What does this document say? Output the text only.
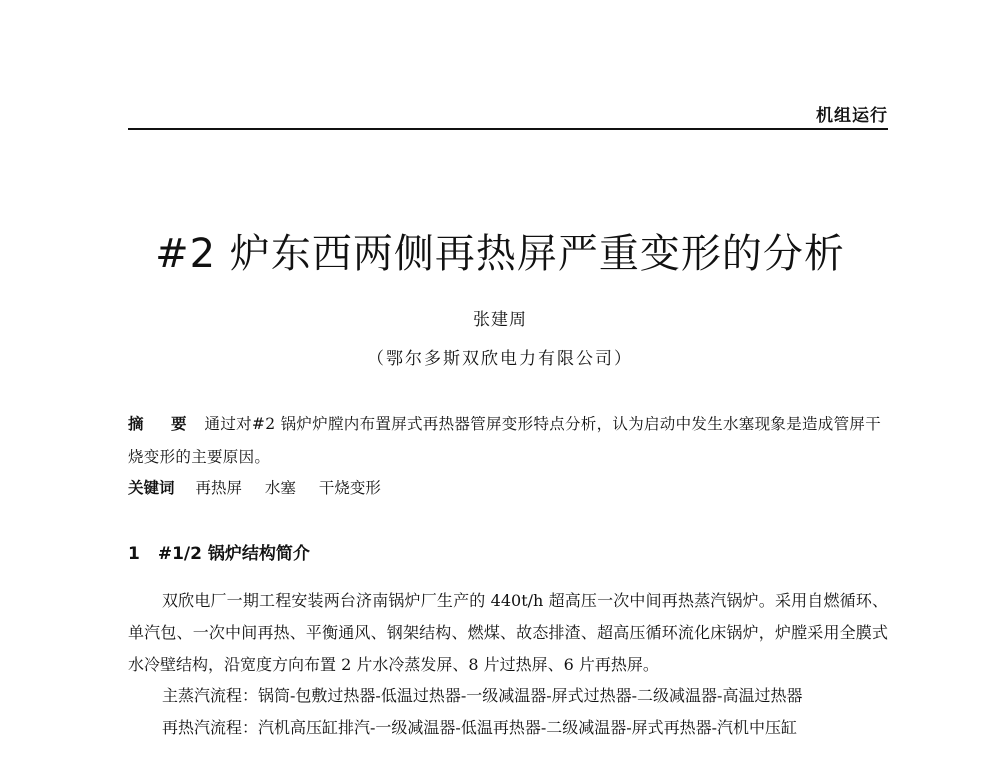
机组运行
#2 炉东西两侧再热屏严重变形的分析
张建周
（鄂尔多斯双欣电力有限公司）

摘　要 通过对#2 锅炉炉膛内布置屏式再热器管屏变形特点分析，认为启动中发生水塞现象是造成管屏干烧变形的主要原因。

关键词 再热屏 水塞 干烧变形
1 #1/2 锅炉结构简介

双欣电厂一期工程安装两台济南锅炉厂生产的 440t/h 超高压一次中间再热蒸汽锅炉。采用自燃循环、单汽包、一次中间再热、平衡通风、钢架结构、燃煤、故态排渣、超高压循环流化床锅炉，炉膛采用全膜式水冷壁结构，沿宽度方向布置 2 片水冷蒸发屏、8 片过热屏、6 片再热屏。

主蒸汽流程：锅筒-包敷过热器-低温过热器-一级减温器-屏式过热器-二级减温器-高温过热器
再热汽流程：汽机高压缸排汽-一级减温器-低温再热器-二级减温器-屏式再热器-汽机中压缸
